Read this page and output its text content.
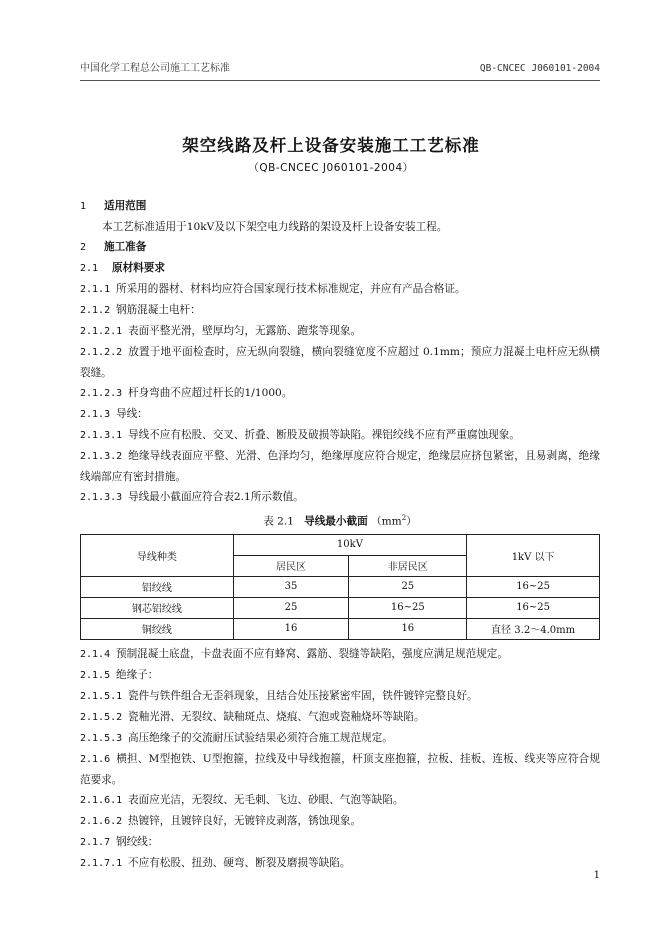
中国化学工程总公司施工工艺标准	QB-CNCEC J060101-2004
架空线路及杆上设备安装施工工艺标准
（QB-CNCEC J060101-2004）
1 适用范围
本工艺标准适用于10kV及以下架空电力线路的架设及杆上设备安装工程。
2 施工准备
2.1 原材料要求
2.1.1 所采用的器材、材料均应符合国家现行技术标准规定，并应有产品合格证。
2.1.2 钢筋混凝土电杆：
2.1.2.1 表面平整光滑，壁厚均匀，无露筋、跑浆等现象。
2.1.2.2 放置于地平面检查时，应无纵向裂缝，横向裂缝宽度不应超过 0.1mm；预应力混凝土电杆应无纵横裂缝。
2.1.2.3 杆身弯曲不应超过杆长的1/1000。
2.1.3 导线：
2.1.3.1 导线不应有松股、交叉、折叠、断股及破损等缺陷。裸铝绞线不应有严重腐蚀现象。
2.1.3.2 绝缘导线表面应平整、光滑、色泽均匀，绝缘厚度应符合规定，绝缘层应挤包紧密，且易剥离，绝缘线端部应有密封措施。
2.1.3.3 导线最小截面应符合表2.1所示数值。
表 2.1 导线最小截面 $(mm^2)$
导线种类	10kV		1kV 以下
	居民区	非居民区	
铝绞线	35	25	16~25
钢芯铝绞线	25	16~25	16~25
铜绞线	16	16	直径 3.2～4.0mm
2.1.4 预制混凝土底盘，卡盘表面不应有蜂窝、露筋、裂缝等缺陷，强度应满足规范规定。
2.1.5 绝缘子：
2.1.5.1 瓷件与铁件组合无歪斜现象，且结合处压接紧密牢固，铁件镀锌完整良好。
2.1.5.2 瓷釉光滑、无裂纹、缺釉斑点、烧痕、气泡或瓷釉烧坏等缺陷。
2.1.5.3 高压绝缘子的交流耐压试验结果必须符合施工规范规定。
2.1.6 横担、M型抱铁、U型抱箍，拉线及中导线抱箍，杆顶支座抱箍，拉板、挂板、连板、线夹等应符合规范要求。
2.1.6.1 表面应光洁，无裂纹、无毛刺、飞边、砂眼、气泡等缺陷。
2.1.6.2 热镀锌，且镀锌良好，无镀锌皮剥落，锈蚀现象。
2.1.7 钢绞线：
2.1.7.1 不应有松股、扭劲、硬弯、断裂及磨损等缺陷。
1
